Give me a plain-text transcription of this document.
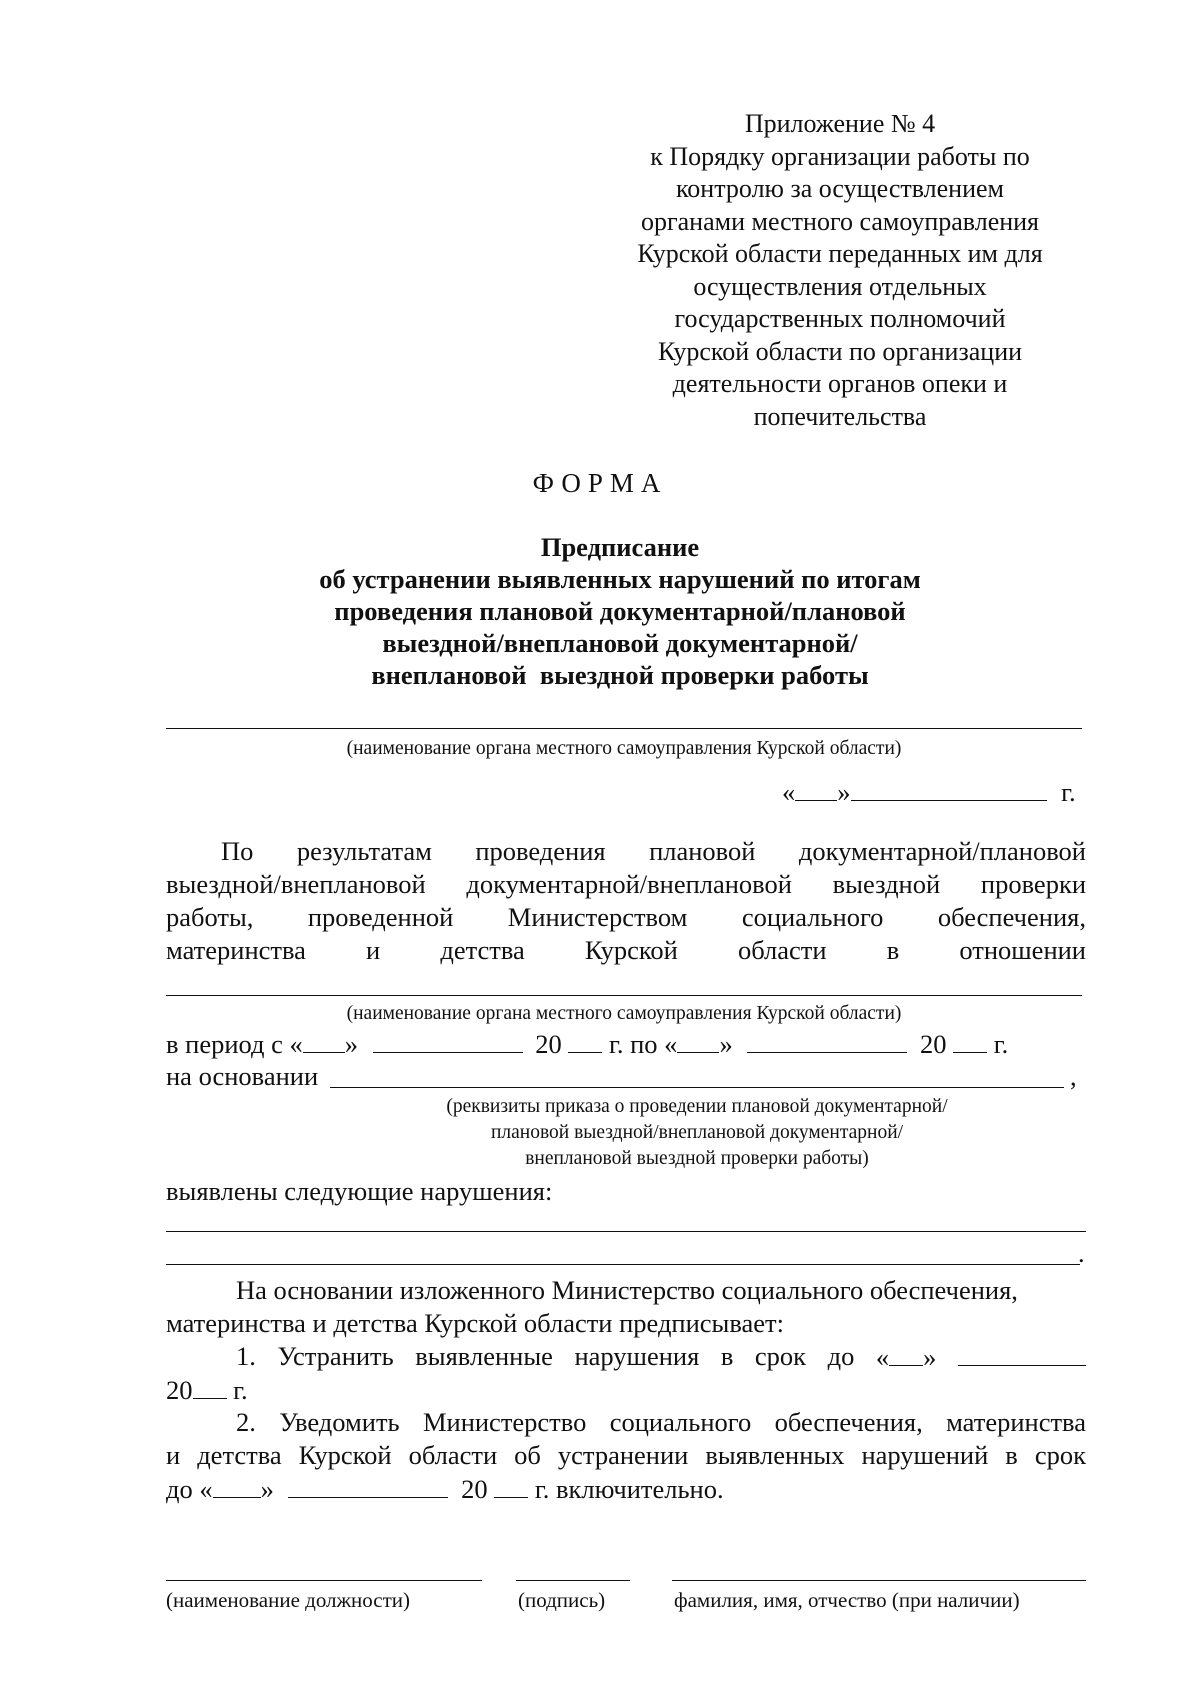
Приложение № 4
к Порядку организации работы по
контролю за осуществлением
органами местного самоуправления
Курской области переданных им для
осуществления отдельных
государственных полномочий
Курской области по организации
деятельности органов опеки и
попечительства
ФОРМА
Предписание
об устранении выявленных нарушений по итогам
проведения плановой документарной/плановой
выездной/внеплановой документарной/
внеплановой  выездной проверки работы
(наименование органа местного самоуправления Курской области)
« »	г.
По результатам проведения плановой документарной/плановой
выездной/внеплановой документарной/внеплановой выездной проверки
работы, проведенной Министерством социального обеспечения,
материнства и детства Курской области в отношении
(наименование органа местного самоуправления Курской области)
в период с « »	20 г. по « »	20 г.
на основании	,
(реквизиты приказа о проведении плановой документарной/
плановой выездной/внеплановой документарной/
внеплановой выездной проверки работы)
выявлены следующие нарушения:
.
На основании изложенного Министерство социального обеспечения,
материнства и детства Курской области предписывает:
1. Устранить выявленные нарушения в срок до « »
20 г.
2. Уведомить Министерство социального обеспечения, материнства
и детства Курской области об устранении выявленных нарушений в срок
до « »	20 г. включительно.
(наименование должности)	(подпись)	фамилия, имя, отчество (при наличии)
